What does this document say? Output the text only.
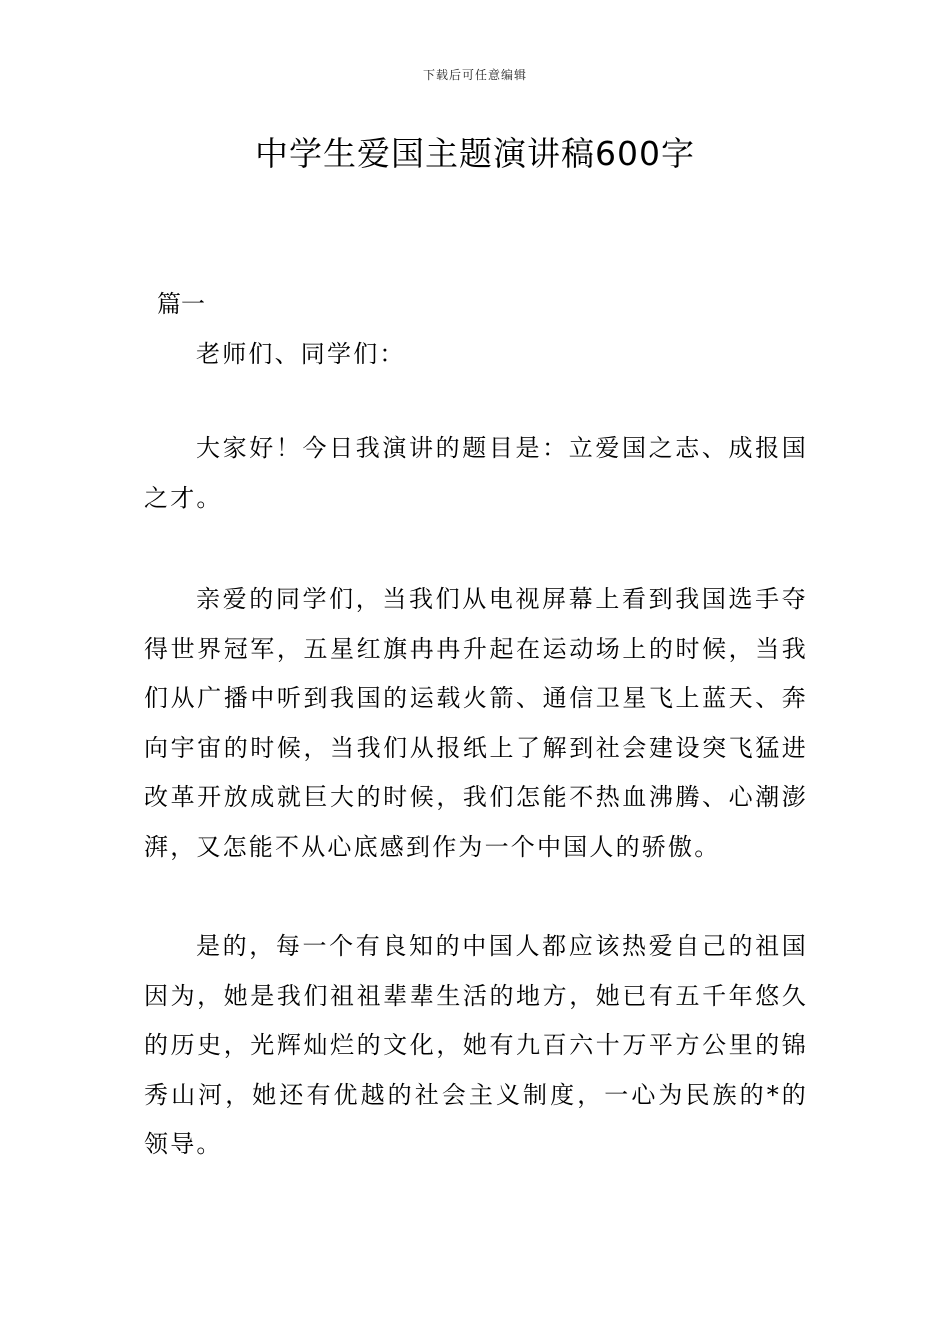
下载后可任意编辑
中学生爱国主题演讲稿600字
篇一

老师们、同学们：

大家好！今日我演讲的题目是：立爱国之志、成报国之才。

亲爱的同学们，当我们从电视屏幕上看到我国选手夺得世界冠军，五星红旗冉冉升起在运动场上的时候，当我们从广播中听到我国的运载火箭、通信卫星飞上蓝天、奔向宇宙的时候，当我们从报纸上了解到社会建设突飞猛进改革开放成就巨大的时候，我们怎能不热血沸腾、心潮澎湃，又怎能不从心底感到作为一个中国人的骄傲。

是的，每一个有良知的中国人都应该热爱自己的祖国因为，她是我们祖祖辈辈生活的地方，她已有五千年悠久的历史，光辉灿烂的文化，她有九百六十万平方公里的锦秀山河，她还有优越的社会主义制度，一心为民族的*的领导。
